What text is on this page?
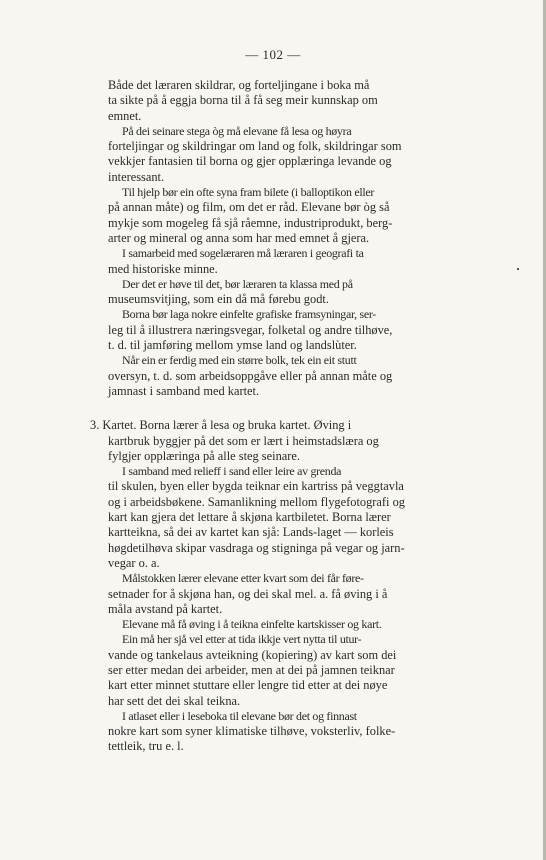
— 102 —
Både det læraren skildrar, og forteljingane i boka må
ta sikte på å eggja borna til å få seg meir kunnskap om
emnet.
På dei seinare stega òg må elevane få lesa og høyra
forteljingar og skildringar om land og folk, skildringar som
vekkjer fantasien til borna og gjer opplæringa levande og
interessant.
Til hjelp bør ein ofte syna fram bilete (i balloptikon eller
på annan måte) og film, om det er råd. Elevane bør òg så
mykje som mogeleg få sjå råemne, industriprodukt, berg-
arter og mineral og anna som har med emnet å gjera.
I samarbeid med sogelæraren må læraren i geografi ta
med historiske minne.
Der det er høve til det, bør læraren ta klassa med på
museumsvitjing, som ein då må førebu godt.
Borna bør laga nokre einfelte grafiske framsyningar, ser-
leg til å illustrera næringsvegar, folketal og andre tilhøve,
t. d. til jamføring mellom ymse land og landslùter.
Når ein er ferdig med ein større bolk, tek ein eit stutt
oversyn, t. d. som arbeidsoppgåve eller på annan måte og
jamnast i samband med kartet.
3. Kartet. Borna lærer å lesa og bruka kartet. Øving i
kartbruk byggjer på det som er lært i heimstadslæra og
fylgjer opplæringa på alle steg seinare.
I samband med relieff i sand eller leire av grenda
til skulen, byen eller bygda teiknar ein kartriss på veggtavla
og i arbeidsbøkene. Samanlikning mellom flygefotografi og
kart kan gjera det lettare å skjøna kartbiletet. Borna lærer
kartteikna, så dei av kartet kan sjå: Lands-laget — korleis
høgdetilhøva skipar vasdraga og stigninga på vegar og jarn-
vegar o. a.
Målstokken lærer elevane etter kvart som dei får føre-
setnader for å skjøna han, og dei skal mel. a. få øving i å
måla avstand på kartet.
Elevane må få øving i å teikna einfelte kartskisser og kart.
Ein må her sjå vel etter at tida ikkje vert nytta til utur-
vande og tankelaus avteikning (kopiering) av kart som dei
ser etter medan dei arbeider, men at dei på jamnen teiknar
kart etter minnet stuttare eller lengre tid etter at dei nøye
har sett det dei skal teikna.
I atlaset eller i leseboka til elevane bør det og finnast
nokre kart som syner klimatiske tilhøve, voksterliv, folke-
tettleik, tru e. l.
